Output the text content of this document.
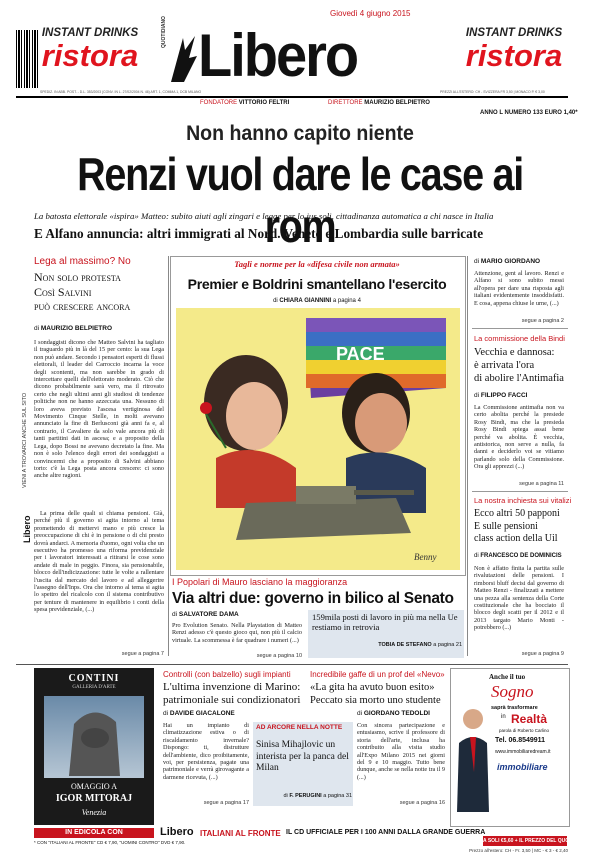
INSTANT DRINKS
ristora
QUOTIDIANO Libero
Giovedì 4 giugno 2015
INSTANT DRINKS
ristora
SPEDIZ. IN ABB. POST. - D.L. 353/2003 (CONV. IN L. 27/02/2004 N. 46) ART. 1, COMMA 1, DCB MILANO	PREZZI ALL'ESTERO: CH - SVIZZERA FR 3,50 | MONACO P. € 3,00
FONDATORE VITTORIO FELTRI	DIRETTORE MAURIZIO BELPIETRO
ANNO L NUMERO 133 EURO 1,40*
Non hanno capito niente
Renzi vuol dare le case ai rom
La batosta elettorale «ispira» Matteo: subito aiuti agli zingari e legge per lo ius soli, cittadinanza automatica a chi nasce in Italia
E Alfano annuncia: altri immigrati al Nord. Veneto e Lombardia sulle barricate
Lega al massimo? No
Non solo protesta
Così Salvini
può crescere ancora
di MAURIZIO BELPIETRO
VIENI A TROVARCI ANCHE SUL SITO
Libero
I sondaggisti dicono che Matteo Salvini ha tagliato il traguardo più in là del 15 per cento: la sua Lega non può andare. Secondo i pensatori esperti di flussi elettorali, il leader del Carroccio incarna la voce degli scontenti, ma non sarebbe in grado di intercettare quelli dell'elettorato moderato. Ciò che dicono probabilmente sarà vero, ma il ritrovato certo che negli ultimi anni gli studiosi di tendenze politiche non ne hanno azzeccata una. Nessuno di loro aveva previsto l'ascesa vertiginosa del Movimento Cinque Stelle, in molti avevano annunciato la fine di Berlusconi già anni fa e, al contrario, il Cavaliere da solo vale ancora più di tanti partitini dati in ascesa; e a proposito della Lega, dopo Bossi ne avevano decretato la fine. Ma non è solo l'elenco degli errori dei sondaggisti a convincermi che a proposito di Salvini abbiano torto: c'è la Lega posta ancora crescere: ci sono anche altre ragioni.
La prima delle quali si chiama pensioni. Già, perché più il governo si agita intorno al tema promettendo di mettervi mano e più cresce la preoccupazione di chi è in pensione o di chi presto dovrà andarci. A memoria d'uomo, ogni volta che un esecutivo ha promesso una riforma previdenziale per i lavoratori interessati a ritirarsi le cose sono andate di male in peggio. Finora, sia pensionabile, blocco dell'indicizzazione: tutte le volte a rallentare l'uscita dal mercato del lavoro e ad alleggerire l'assegno dell'Inps. Ora che intorno al tema si agita lo spettro del ricalcolo con il sistema contributivo per tenture di mantenere in equilibrio i conti della spesa previdenziale, (...)
segue a pagina 7
Tagli e norme per la «difesa civile non armata»
Premier e Boldrini smantellano l'esercito
di CHIARA GIANNINI a pagina 4
PACE
Benny
di MARIO GIORDANO
Attenzione, gent al lavoro. Renzi e Alfano si sono subito messi all'opera per dare una risposta agli italiani evidentemente insoddisfatti. E cosa, appena chiuse le urne, (...)
segue a pagina 2
La commissione della Bindi
Vecchia e dannosa:
è arrivata l'ora
di abolire l'Antimafia
di FILIPPO FACCI
La Commissione antimafia non va certo abolita perché la presiede Rosy Bindi, ma che la presieda Rosy Bindi spiega assai bene perché va abolita. È vecchia, antistorica, non serve a nulla, fa danni e deciderlo voi se vitiamo parlando solo della Commissione. Ora gli apprezzi (...)
segue a pagina 11
La nostra inchiesta sui vitalizi
Ecco altri 50 papponi
E sulle pensioni
class action della Uil
di FRANCESCO DE DOMINICIS
Non è affatto finita la partita sulle rivalutazioni delle pensioni. I rimborsi bluff decisi dal governo di Matteo Renzi - finalizzati a mettere una pezza alla sentenza della Corte costituzionale che ha bocciato il blocco degli scatti per il 2012 e il 2013 targato Mario Monti - potrebbero (...)
segue a pagina 9
I Popolari di Mauro lasciano la maggioranza
Via altri due: governo in bilico al Senato
di SALVATORE DAMA
Pro Evolution Senato. Nella Playstation di Matteo Renzi adesso c'è questo gioco qui, non più il calcio virtuale. La scommessa è far quadrare i numeri (...)
segue a pagina 10
159mila posti di lavoro in più ma nella Ue restiamo in retrovia
TOBIA DE STEFANO a pagina 21
CONTINI
GALLERIA D'ARTE
OMAGGIO A
IGOR MITORAJ
Venezia
Controlli (con balzello) sugli impianti
L'ultima invenzione di Marino: patrimoniale sui condizionatori
di DAVIDE GIACALONE
Hai un impianto di climatizzazione estiva o di riscaldamento invernale? Dispongo: ti, distrutture dell'ambiente, dico proibitamente, voi, per persistenza, pagate una patrimoniale e verrà girovagante a darmene ricevuta, (...)
segue a pagina 17
AD ARCORE NELLA NOTTE
Sinisa Mihajlovic un interista per la panca del Milan
di F. PERUGINI a pagina 31
Incredibile gaffe di un prof del «Nevo»
«La gita ha avuto buon esito» Peccato sia morto uno studente
di GIORDANO TEDOLDI
Con sincera partecipazione e entusiasmo, scrive il professore di storia dell'arte, inclusa ha contribuito alla visita studio all'Expo Milano 2015 nei giorni del 9 e 10 maggio. Tutto bene dunque, anche se nella notte tra il 9 (...)
segue a pagina 16
Anche il tuo
Sogno
saprà trasformare
in Realtà
parola di Roberto Carlino
Tel. 06.8549911
www.immobiliaredream.it
immobiliare
IN EDICOLA CON
* CON "ITALIANI AL FRONTE" CD € 7,90, "UOMINI CONTRO" DVD € 7,90.
Libero ITALIANI AL FRONTE IL CD UFFICIALE PER I 100 ANNI DALLA GRANDE GUERRA
A SOLI €5,60 + IL PREZZO DEL QUOTIDIANO
Prezzo all'estero: CH - Fr. 3,50 | MC - € 3 - € 2,40
